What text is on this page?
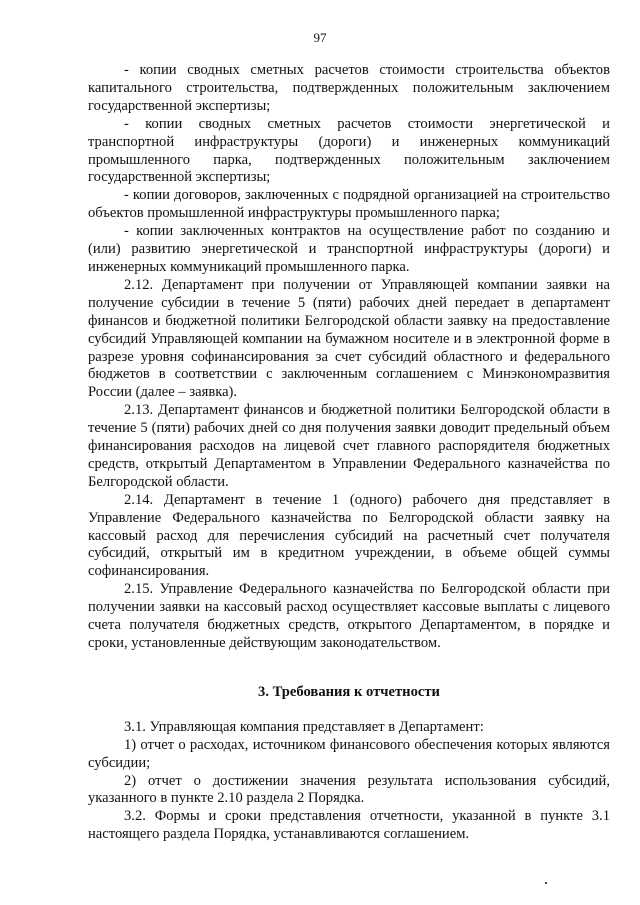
97

- копии сводных сметных расчетов стоимости строительства объектов капитального строительства, подтвержденных положительным заключением государственной экспертизы;

- копии сводных сметных расчетов стоимости энергетической и транспортной инфраструктуры (дороги) и инженерных коммуникаций промышленного парка, подтвержденных положительным заключением государственной экспертизы;

- копии договоров, заключенных с подрядной организацией на строительство объектов промышленной инфраструктуры промышленного парка;

- копии заключенных контрактов на осуществление работ по созданию и (или) развитию энергетической и транспортной инфраструктуры (дороги) и инженерных коммуникаций промышленного парка.

2.12. Департамент при получении от Управляющей компании заявки на получение субсидии в течение 5 (пяти) рабочих дней передает в департамент финансов и бюджетной политики Белгородской области заявку на предоставление субсидий Управляющей компании на бумажном носителе и в электронной форме в разрезе уровня софинансирования за счет субсидий областного и федерального бюджетов в соответствии с заключенным соглашением с Минэкономразвития России (далее – заявка).

2.13. Департамент финансов и бюджетной политики Белгородской области в течение 5 (пяти) рабочих дней со дня получения заявки доводит предельный объем финансирования расходов на лицевой счет главного распорядителя бюджетных средств, открытый Департаментом в Управлении Федерального казначейства по Белгородской области.

2.14. Департамент в течение 1 (одного) рабочего дня представляет в Управление Федерального казначейства по Белгородской области заявку на кассовый расход для перечисления субсидий на расчетный счет получателя субсидий, открытый им в кредитном учреждении, в объеме общей суммы софинансирования.

2.15. Управление Федерального казначейства по Белгородской области при получении заявки на кассовый расход осуществляет кассовые выплаты с лицевого счета получателя бюджетных средств, открытого Департаментом, в порядке и сроки, установленные действующим законодательством.

3. Требования к отчетности

3.1. Управляющая компания представляет в Департамент:

1) отчет о расходах, источником финансового обеспечения которых являются субсидии;

2) отчет о достижении значения результата использования субсидий, указанного в пункте 2.10 раздела 2 Порядка.

3.2. Формы и сроки представления отчетности, указанной в пункте 3.1 настоящего раздела Порядка, устанавливаются соглашением.
